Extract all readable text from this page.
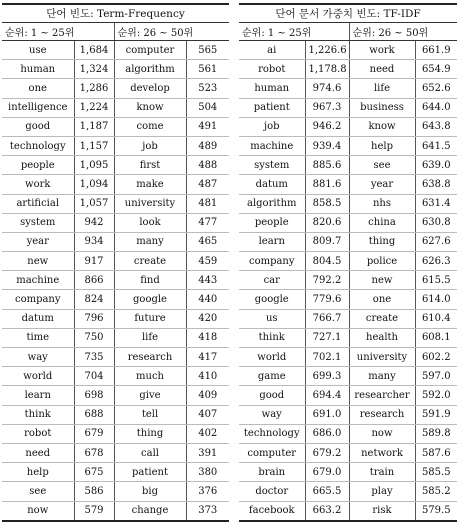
단어 빈도: Term-Frequency			
순위: 1 ~ 25위		순위: 26 ~ 50위	
use	1,684	computer	565
human	1,324	algorithm	561
one	1,286	develop	523
intelligence	1,224	know	504
good	1,187	come	491
technology	1,157	job	489
people	1,095	first	488
work	1,094	make	487
artificial	1,057	university	481
system	942	look	477
year	934	many	465
new	917	create	459
machine	866	find	443
company	824	google	440
datum	796	future	420
time	750	life	418
way	735	research	417
world	704	much	410
learn	698	give	409
think	688	tell	407
robot	679	thing	402
need	678	call	391
help	675	patient	380
see	586	big	376
now	579	change	373
단어 문서 가중치 빈도: TF-IDF			
순위: 1 ~ 25위		순위: 26 ~ 50위	
ai	1,226.6	work	661.9
robot	1,178.8	need	654.9
human	974.6	life	652.6
patient	967.3	business	644.0
job	946.2	know	643.8
machine	939.4	help	641.5
system	885.6	see	639.0
datum	881.6	year	638.8
algorithm	858.5	nhs	631.4
people	820.6	china	630.8
learn	809.7	thing	627.6
company	804.5	police	626.3
car	792.2	new	615.5
google	779.6	one	614.0
us	766.7	create	610.4
think	727.1	health	608.1
world	702.1	university	602.2
game	699.3	many	597.0
good	694.4	researcher	592.0
way	691.0	research	591.9
technology	686.0	now	589.8
computer	679.2	network	587.6
brain	679.0	train	585.5
doctor	665.5	play	585.2
facebook	663.2	risk	579.5
